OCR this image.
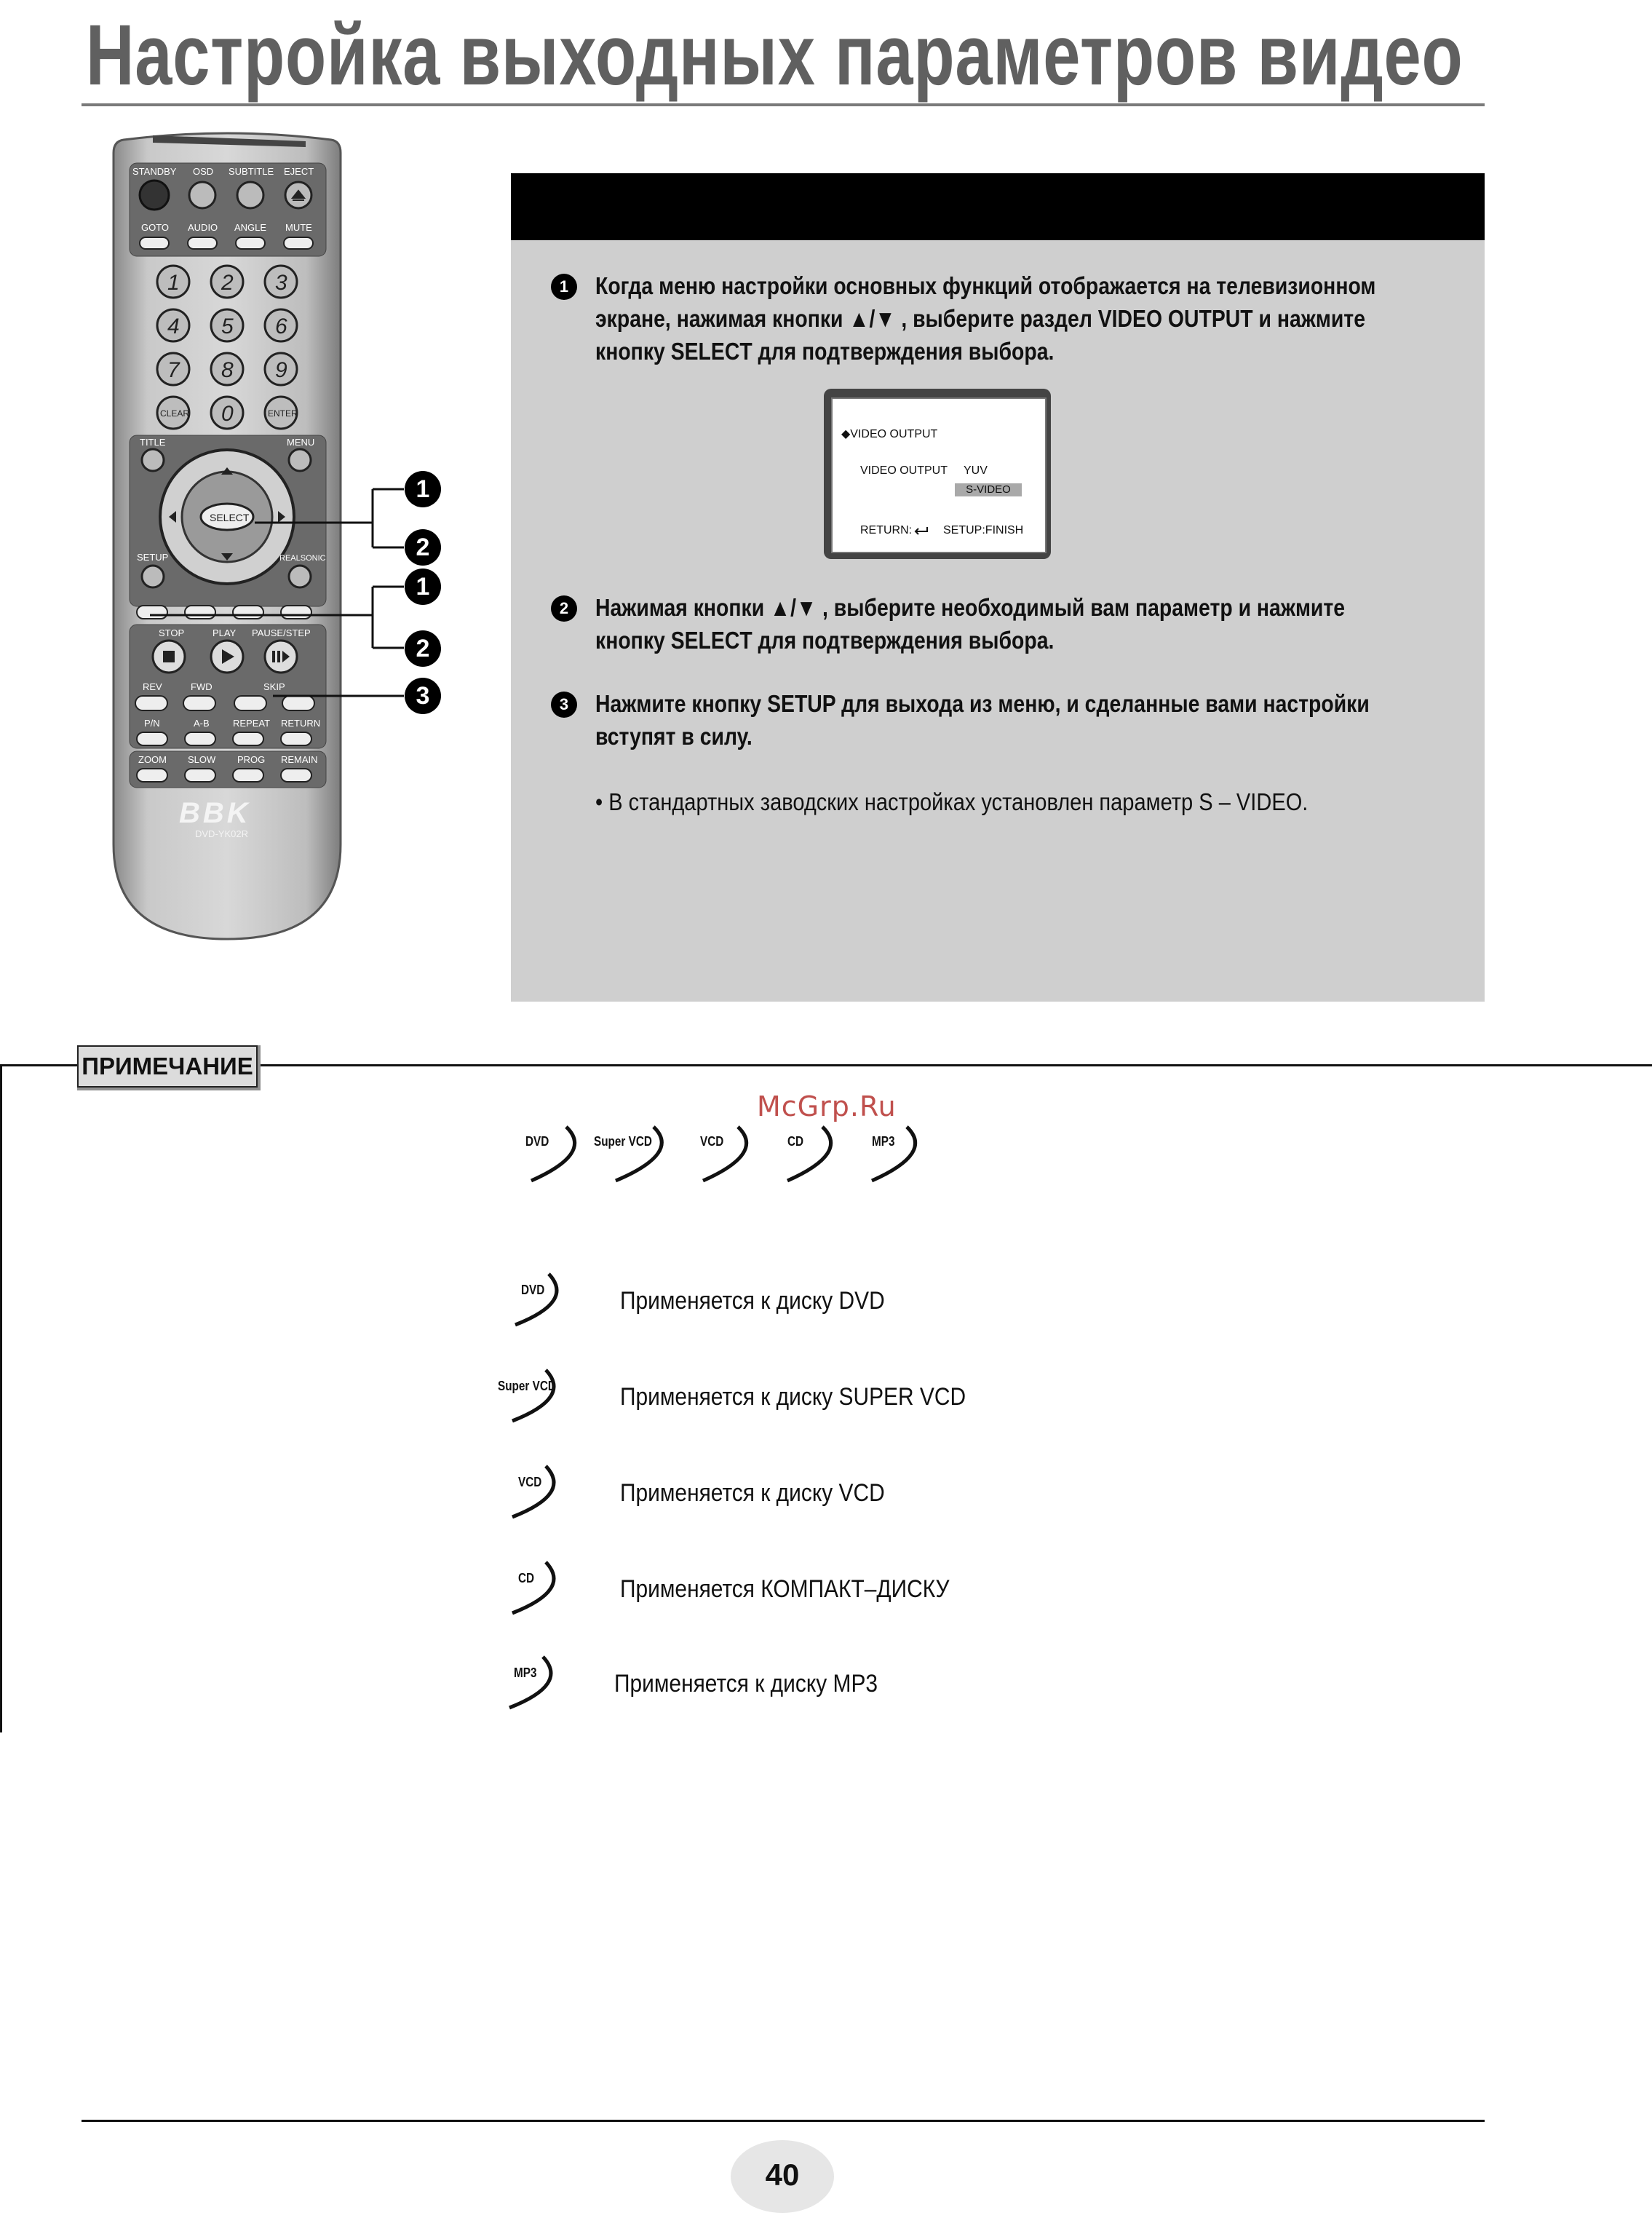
Настройка выходных параметров видео
STANDBY OSD SUBTITLE EJECT
GOTO AUDIO ANGLE MUTE
1 2 3
4 5 6
7 8 9
0
CLEAR	ENTER
TITLE	MENU
SELECT
SETUP	REALSONIC
STOP	PLAY PAUSE/STEP
REV	FWD	SKIP
P/N	A-B REPEAT RETURN
ZOOM SLOW PROG REMAIN
BBK
DVD-YK02R
1
2
1
2
3
1	Когда меню настройки основных функций отображается на телевизионном
экране, нажимая кнопки ▲/▼ , выберите раздел VIDEO OUTPUT и нажмите
кнопку SELECT для подтверждения выбора.
2	Нажимая кнопки ▲/▼ , выберите необходимый вам параметр и нажмите
кнопку SELECT для подтверждения выбора.
3	Нажмите кнопку SETUP для выхода из меню, и сделанные вами настройки
вступят в силу.
• В стандартных заводских настройках установлен параметр S – VIDEO.
◆VIDEO OUTPUT
VIDEO OUTPUT YUV
S-VIDEO
RETURN:	SETUP:FINISH
ПРИМЕЧАНИЕ
McGrp.Ru
DVD	Super VCD	VCD	CD	MP3
DVD	Применяется к диску DVD
Super VCD	Применяется к диску SUPER VCD
VCD	Применяется к диску VCD
CD	Применяется КОМПАКТ–ДИСКУ
MP3	Применяется к диску MP3
40
